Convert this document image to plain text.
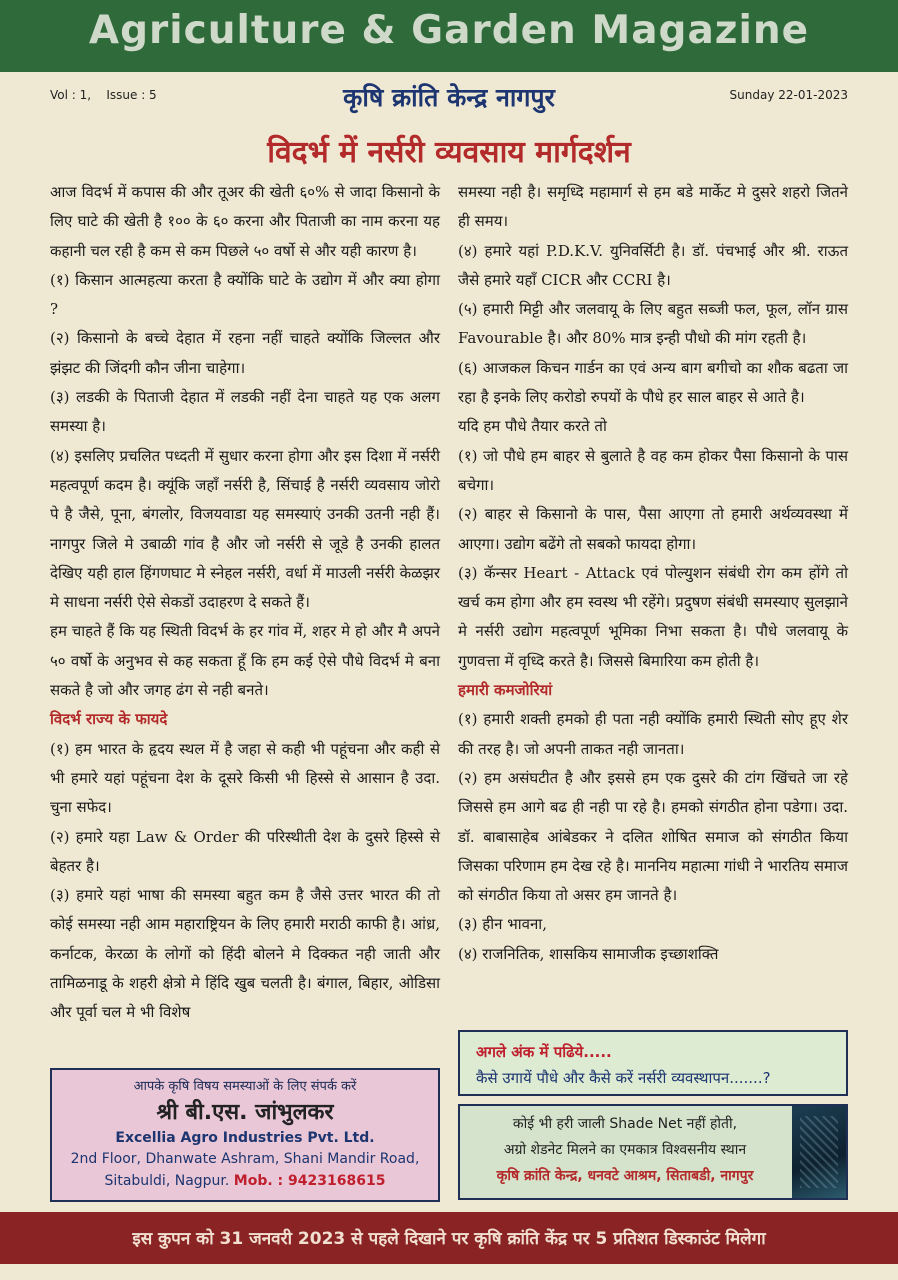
Agriculture & Garden Magazine
Vol : 1, Issue : 5	कृषि क्रांति केन्द्र नागपुर	Sunday 22-01-2023
विदर्भ में नर्सरी व्यवसाय मार्गदर्शन

आज विदर्भ में कपास की और तूअर की खेती ६०% से जादा किसानो के लिए घाटे की खेती है १०० के ६० करना और पिताजी का नाम करना यह कहानी चल रही है कम से कम पिछले ५० वर्षो से और यही कारण है।

(१) किसान आत्महत्या करता है क्योंकि घाटे के उद्योग में और क्या होगा ?

(२) किसानो के बच्चे देहात में रहना नहीं चाहते क्योंकि जिल्लत और झंझट की जिंदगी कौन जीना चाहेगा।

(३) लडकी के पिताजी देहात में लडकी नहीं देना चाहते यह एक अलग समस्या है।

(४) इसलिए प्रचलित पध्दती में सुधार करना होगा और इस दिशा में नर्सरी महत्वपूर्ण कदम है। क्यूंकि जहाँ नर्सरी है, सिंचाई है नर्सरी व्यवसाय जोरो पे है जैसे, पूना, बंगलोर, विजयवाडा यह समस्याएं उनकी उतनी नही हैं। नागपुर जिले मे उबाळी गांव है और जो नर्सरी से जूडे है उनकी हालत देखिए यही हाल हिंगणघाट मे स्नेहल नर्सरी, वर्धा में माउली नर्सरी केळझर मे साधना नर्सरी ऐसे सेकडों उदाहरण दे सकते हैं।

हम चाहते हैं कि यह स्थिती विदर्भ के हर गांव में, शहर मे हो और मै अपने ५० वर्षो के अनुभव से कह सकता हूँ कि हम कई ऐसे पौधे विदर्भ मे बना सकते है जो और जगह ढंग से नही बनते।

विदर्भ राज्य के फायदे

(१) हम भारत के हृदय स्थल में है जहा से कही भी पहूंचना और कही से भी हमारे यहां पहूंचना देश के दूसरे किसी भी हिस्से से आसान है उदा. चुना सफेद।

(२) हमारे यहा Law & Order की परिस्थीती देश के दुसरे हिस्से से बेहतर है।

(३) हमारे यहां भाषा की समस्या बहुत कम है जैसे उत्तर भारत की तो कोई समस्या नही आम महाराष्ट्रियन के लिए हमारी मराठी काफी है। आंध्र, कर्नाटक, केरळा के लोगों को हिंदी बोलने मे दिक्कत नही जाती और तामिळनाडू के शहरी क्षेत्रो मे हिंदि खुब चलती है। बंगाल, बिहार, ओडिसा और पूर्वा चल मे भी विशेष

समस्या नही है। समृध्दि महामार्ग से हम बडे मार्केट मे दुसरे शहरो जितने ही समय।

(४) हमारे यहां P.D.K.V. युनिवर्सिटी है। डॉ. पंचभाई और श्री. राऊत जैसे हमारे यहाँ CICR और CCRI है।

(५) हमारी मिट्टी और जलवायू के लिए बहुत सब्जी फल, फूल, लॉन ग्रास Favourable है। और 80% मात्र इन्ही पौधो की मांग रहती है।

(६) आजकल किचन गार्डन का एवं अन्य बाग बगीचो का शौक बढता जा रहा है इनके लिए करोडो रुपयों के पौधे हर साल बाहर से आते है।

यदि हम पौधे तैयार करते तो

(१) जो पौधे हम बाहर से बुलाते है वह कम होकर पैसा किसानो के पास बचेगा।

(२) बाहर से किसानो के पास, पैसा आएगा तो हमारी अर्थव्यवस्था में आएगा। उद्योग बढेंगे तो सबको फायदा होगा।

(३) कॅन्सर Heart - Attack एवं पोल्युशन संबंधी रोग कम होंगे तो खर्च कम होगा और हम स्वस्थ भी रहेंगे। प्रदुषण संबंधी समस्याए सुलझाने मे नर्सरी उद्योग महत्वपूर्ण भूमिका निभा सकता है। पौधे जलवायू के गुणवत्ता में वृध्दि करते है। जिससे बिमारिया कम होती है।

हमारी कमजोरियां

(१) हमारी शक्ती हमको ही पता नही क्योंकि हमारी स्थिती सोए हूए शेर की तरह है। जो अपनी ताकत नही जानता।

(२) हम असंघटीत है और इससे हम एक दुसरे की टांग खिंचते जा रहे जिससे हम आगे बढ ही नही पा रहे है। हमको संगठीत होना पडेगा। उदा. डॉ. बाबासाहेब आंबेडकर ने दलित शोषित समाज को संगठीत किया जिसका परिणाम हम देख रहे है। माननिय महात्मा गांधी ने भारतिय समाज को संगठीत किया तो असर हम जानते है।

(३) हीन भावना,

(४) राजनितिक, शासकिय सामाजीक इच्छाशक्ति

अगले अंक में पढिये.....
कैसे उगायें पौधे और कैसे करें नर्सरी व्यवस्थापन.......?
आपके कृषि विषय समस्याओं के लिए संपर्क करें
श्री बी.एस. जांभुलकर
Excellia Agro Industries Pvt. Ltd.
2nd Floor, Dhanwate Ashram, Shani Mandir Road,
Sitabuldi, Nagpur. Mob. : 9423168615
कोई भी हरी जाली Shade Net नहीं होती,
अग्रो शेडनेट मिलने का एमकात्र विश्वसनीय स्थान
कृषि क्रांति केन्द्र, धनवटे आश्रम, सिताबडी, नागपुर
इस कुपन को 31 जनवरी 2023 से पहले दिखाने पर कृषि क्रांति केंद्र पर 5 प्रतिशत डिस्काउंट मिलेगा
